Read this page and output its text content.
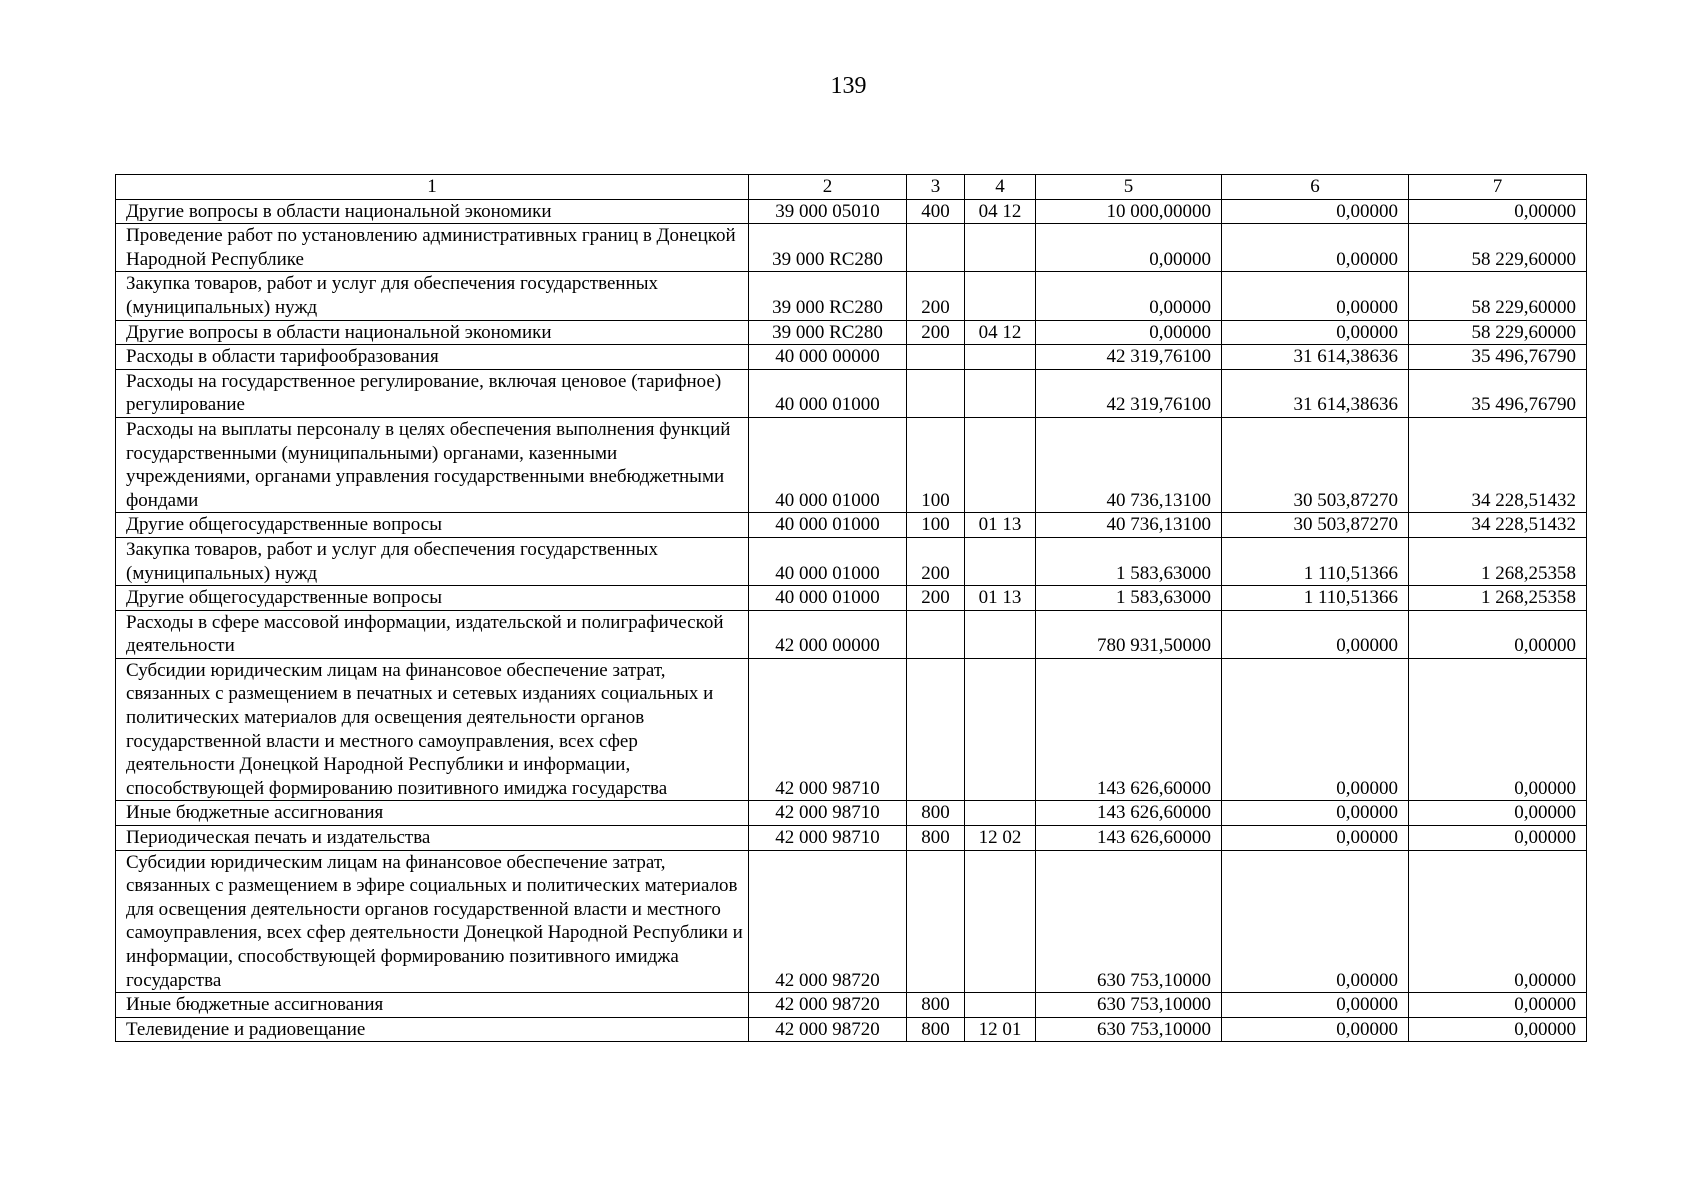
139
1	2	3	4	5	6	7
Другие вопросы в области национальной экономики	39 000 05010	400	04 12	10 000,00000	0,00000	0,00000
Проведение работ по установлению административных границ в Донецкой Народной Республике	39 000 RC280			0,00000	0,00000	58 229,60000
Закупка товаров, работ и услуг для обеспечения государственных (муниципальных) нужд	39 000 RC280	200		0,00000	0,00000	58 229,60000
Другие вопросы в области национальной экономики	39 000 RC280	200	04 12	0,00000	0,00000	58 229,60000
Расходы в области тарифообразования	40 000 00000			42 319,76100	31 614,38636	35 496,76790
Расходы на государственное регулирование, включая ценовое (тарифное) регулирование	40 000 01000			42 319,76100	31 614,38636	35 496,76790
Расходы на выплаты персоналу в целях обеспечения выполнения функций государственными (муниципальными) органами, казенными учреждениями, органами управления государственными внебюджетными фондами	40 000 01000	100		40 736,13100	30 503,87270	34 228,51432
Другие общегосударственные вопросы	40 000 01000	100	01 13	40 736,13100	30 503,87270	34 228,51432
Закупка товаров, работ и услуг для обеспечения государственных (муниципальных) нужд	40 000 01000	200		1 583,63000	1 110,51366	1 268,25358
Другие общегосударственные вопросы	40 000 01000	200	01 13	1 583,63000	1 110,51366	1 268,25358
Расходы в сфере массовой информации, издательской и полиграфической деятельности	42 000 00000			780 931,50000	0,00000	0,00000
Субсидии юридическим лицам на финансовое обеспечение затрат, связанных с размещением в печатных и сетевых изданиях социальных и политических материалов для освещения деятельности органов государственной власти и местного самоуправления, всех сфер деятельности Донецкой Народной Республики и информации, способствующей формированию позитивного имиджа государства	42 000 98710			143 626,60000	0,00000	0,00000
Иные бюджетные ассигнования	42 000 98710	800		143 626,60000	0,00000	0,00000
Периодическая печать и издательства	42 000 98710	800	12 02	143 626,60000	0,00000	0,00000
Субсидии юридическим лицам на финансовое обеспечение затрат, связанных с размещением в эфире социальных и политических материалов для освещения деятельности органов государственной власти и местного самоуправления, всех сфер деятельности Донецкой Народной Республики и информации, способствующей формированию позитивного имиджа государства	42 000 98720			630 753,10000	0,00000	0,00000
Иные бюджетные ассигнования	42 000 98720	800		630 753,10000	0,00000	0,00000
Телевидение и радиовещание	42 000 98720	800	12 01	630 753,10000	0,00000	0,00000
